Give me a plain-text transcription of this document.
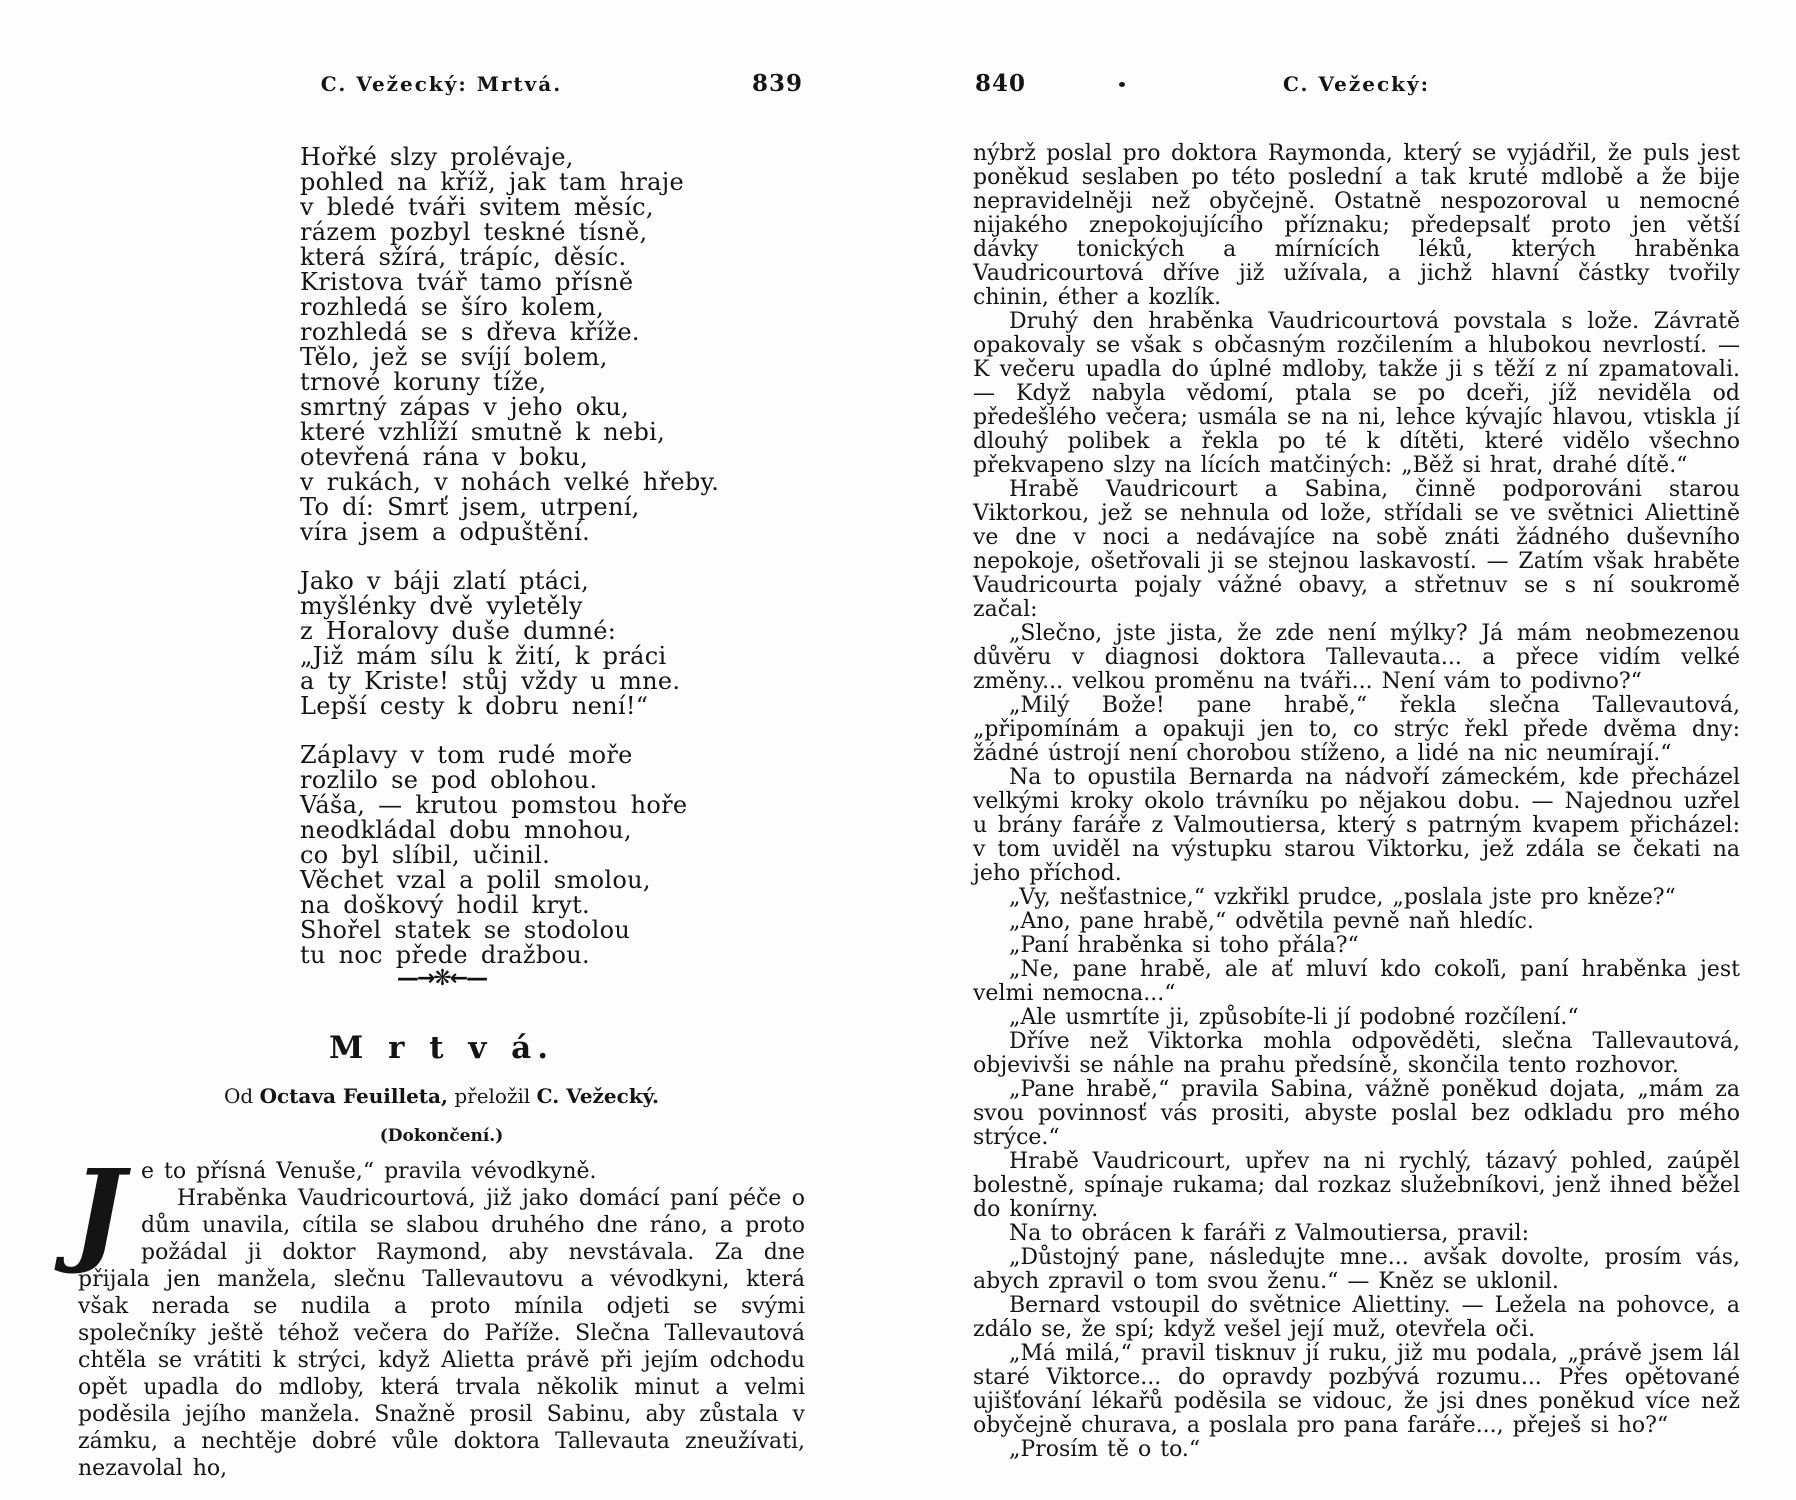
C. Vežecký: Mrtvá.	839
Hořké slzy prolévaje,
pohled na kříž, jak tam hraje
v bledé tváři svitem měsíc,
rázem pozbyl teskné tísně,
která sžírá, trápíc, děsíc.
Kristova tvář tamo přísně
rozhledá se šíro kolem,
rozhledá se s dřeva kříže.
Tělo, jež se svíjí bolem,
trnové koruny tíže,
smrtný zápas v jeho oku,
které vzhlíží smutně k nebi,
otevřená rána v boku,
v rukách, v nohách velké hřeby.
To dí: Smrť jsem, utrpení,
víra jsem a odpuštění.
Jako v báji zlatí ptáci,
myšlénky dvě vyletěly
z Horalovy duše dumné:
„Již mám sílu k žití, k práci
a ty Kriste! stůj vždy u mne.
Lepší cesty k dobru není!“
Záplavy v tom rudé moře
rozlilo se pod oblohou.
Váša, — krutou pomstou hoře
neodkládal dobu mnohou,
co byl slíbil, učinil.
Věchet vzal a polil smolou,
na doškový hodil kryt.
Shořel statek se stodolou
tu noc přede dražbou.
—→❋←—
M r t v á.
Od Octava Feuilleta, přeložil C. Vežecký.
(Dokončení.)
J e to přísná Venuše,“ pravila vévodkyně.

Hraběnka Vaudricourtová, již jako domácí paní péče o dům unavila, cítila se slabou druhého dne ráno, a proto požádal ji doktor Raymond, aby nevstávala. Za dne přijala jen manžela, slečnu Tallevautovu a vévodkyni, která však nerada se nudila a proto mínila odjeti se svými společníky ještě téhož večera do Paříže. Slečna Tallevautová chtěla se vrátiti k strýci, když Alietta právě při jejím odchodu opět upadla do mdloby, která trvala několik minut a velmi poděsila jejího manžela. Snažně prosil Sabinu, aby zůstala v zámku, a nechtěje dobré vůle doktora Tallevauta zneužívati, nezavolal ho,

C. Vežecký:
840

nýbrž poslal pro doktora Raymonda, který se vyjádřil, že puls jest poněkud seslaben po této poslední a tak kruté mdlobě a že bije nepravidelněji než obyčejně. Ostatně nespozoroval u nemocné nijakého znepokojujícího příznaku; předepsalť proto jen větší dávky tonických a mírnících léků, kterých hraběnka Vaudricourtová dříve již užívala, a jichž hlavní částky tvořily chinin, éther a kozlík.

Druhý den hraběnka Vaudricourtová povstala s lože. Závratě opakovaly se však s občasným rozčilením a hlubokou nevrlostí. — K večeru upadla do úplné mdloby, takže ji s těží z ní zpamatovali. — Když nabyla vědomí, ptala se po dceři, jíž neviděla od předešlého večera; usmála se na ni, lehce kývajíc hlavou, vtiskla jí dlouhý polibek a řekla po té k dítěti, které vidělo všechno překvapeno slzy na lících matčiných: „Běž si hrat, drahé dítě.“

Hrabě Vaudricourt a Sabina, činně podporováni starou Viktorkou, jež se nehnula od lože, střídali se ve světnici Aliettině ve dne v noci a nedávajíce na sobě znáti žádného duševního nepokoje, ošetřovali ji se stejnou laskavostí. — Zatím však hraběte Vaudricourta pojaly vážné obavy, a střetnuv se s ní soukromě začal:

„Slečno, jste jista, že zde není mýlky? Já mám neobmezenou důvěru v diagnosi doktora Tallevauta... a přece vidím velké změny... velkou proměnu na tváři... Není vám to podivno?“

„Milý Bože! pane hrabě,“ řekla slečna Tallevautová, „připomínám a opakuji jen to, co strýc řekl přede dvěma dny: žádné ústrojí není chorobou stíženo, a lidé na nic neumírají.“

Na to opustila Bernarda na nádvoří zámeckém, kde přecházel velkými kroky okolo trávníku po nějakou dobu. — Najednou uzřel u brány faráře z Valmoutiersa, který s patrným kvapem přicházel: v tom uviděl na výstupku starou Viktorku, jež zdála se čekati na jeho příchod.

„Vy, nešťastnice,“ vzkřikl prudce, „poslala jste pro kněze?“

„Ano, pane hrabě,“ odvětila pevně naň hledíc.

„Paní hraběnka si toho přála?“

„Ne, pane hrabě, ale ať mluví kdo cokoľi, paní hraběnka jest velmi nemocna...“

„Ale usmrtíte ji, způsobíte-li jí podobné rozčílení.“

Dříve než Viktorka mohla odpověděti, slečna Tallevautová, objevivši se náhle na prahu předsíně, skončila tento rozhovor.

„Pane hrabě,“ pravila Sabina, vážně poněkud dojata, „mám za svou povinnosť vás prositi, abyste poslal bez odkladu pro mého strýce.“

Hrabě Vaudricourt, upřev na ni rychlý, tázavý pohled, zaúpěl bolestně, spínaje rukama; dal rozkaz služebníkovi, jenž ihned běžel do konírny.

Na to obrácen k faráři z Valmoutiersa, pravil:

„Důstojný pane, následujte mne... avšak dovolte, prosím vás, abych zpravil o tom svou ženu.“ — Kněz se uklonil.

Bernard vstoupil do světnice Aliettiny. — Ležela na pohovce, a zdálo se, že spí; když vešel její muž, otevřela oči.

„Má milá,“ pravil tisknuv jí ruku, již mu podala, „právě jsem lál staré Viktorce... do opravdy pozbývá rozumu... Přes opětované ujišťování lékařů poděsila se vidouc, že jsi dnes poněkud více než obyčejně churava, a poslala pro pana faráře..., přeješ si ho?“

„Prosím tě o to.“
